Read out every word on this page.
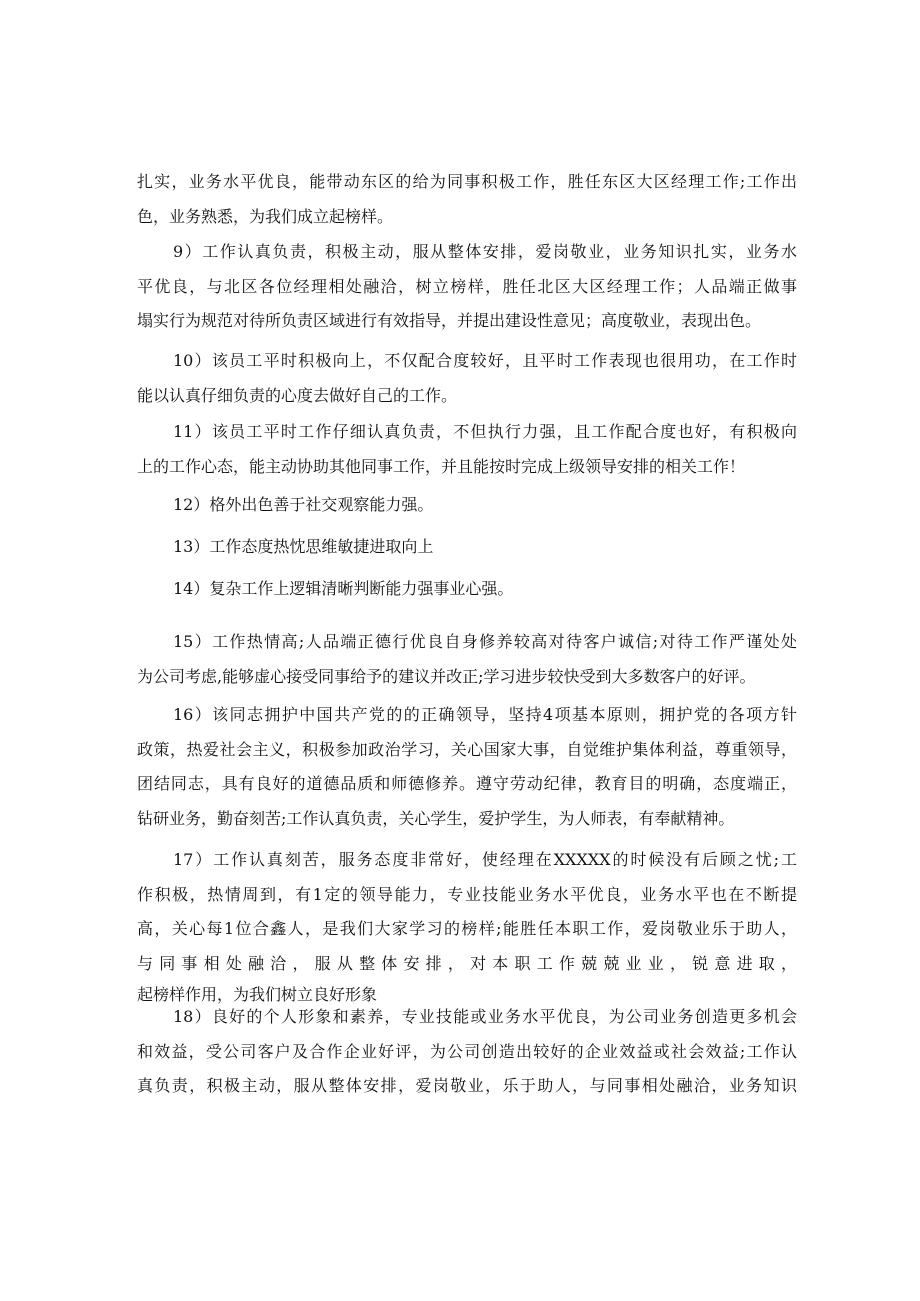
扎实，业务水平优良，能带动东区的给为同事积极工作，胜任东区大区经理工作;工作出
色，业务熟悉，为我们成立起榜样。
9）工作认真负责，积极主动，服从整体安排，爱岗敬业，业务知识扎实，业务水
平优良，与北区各位经理相处融洽，树立榜样，胜任北区大区经理工作；人品端正做事
塌实行为规范对待所负责区域进行有效指导，并提出建设性意见；高度敬业，表现出色。
10）该员工平时积极向上，不仅配合度较好，且平时工作表现也很用功，在工作时
能以认真仔细负责的心度去做好自己的工作。
11）该员工平时工作仔细认真负责，不但执行力强，且工作配合度也好，有积极向
上的工作心态，能主动协助其他同事工作，并且能按时完成上级领导安排的相关工作！

12）格外出色善于社交观察能力强。

13）工作态度热忱思维敏捷进取向上

14）复杂工作上逻辑清晰判断能力强事业心强。

15）工作热情高;人品端正德行优良自身修养较高对待客户诚信;对待工作严谨处处
为公司考虑,能够虚心接受同事给予的建议并改正;学习进步较快受到大多数客户的好评。
16）该同志拥护中国共产党的的正确领导，坚持4项基本原则，拥护党的各项方针
政策，热爱社会主义，积极参加政治学习，关心国家大事，自觉维护集体利益，尊重领导，
团结同志，具有良好的道德品质和师德修养。遵守劳动纪律，教育目的明确，态度端正，
钻研业务，勤奋刻苦;工作认真负责，关心学生，爱护学生，为人师表，有奉献精神。
17）工作认真刻苦，服务态度非常好，使经理在XXXXX的时候没有后顾之忧;工
作积极，热情周到，有1定的领导能力，专业技能业务水平优良，业务水平也在不断提
高，关心每1位合鑫人，是我们大家学习的榜样;能胜任本职工作，爱岗敬业乐于助人，
与同事相处融洽，服从整体安排，对本职工作兢兢业业，锐意进取，
起榜样作用，为我们树立良好形象
18）良好的个人形象和素养，专业技能或业务水平优良，为公司业务创造更多机会
和效益，受公司客户及合作企业好评，为公司创造出较好的企业效益或社会效益;工作认
真负责，积极主动，服从整体安排，爱岗敬业，乐于助人，与同事相处融洽，业务知识
